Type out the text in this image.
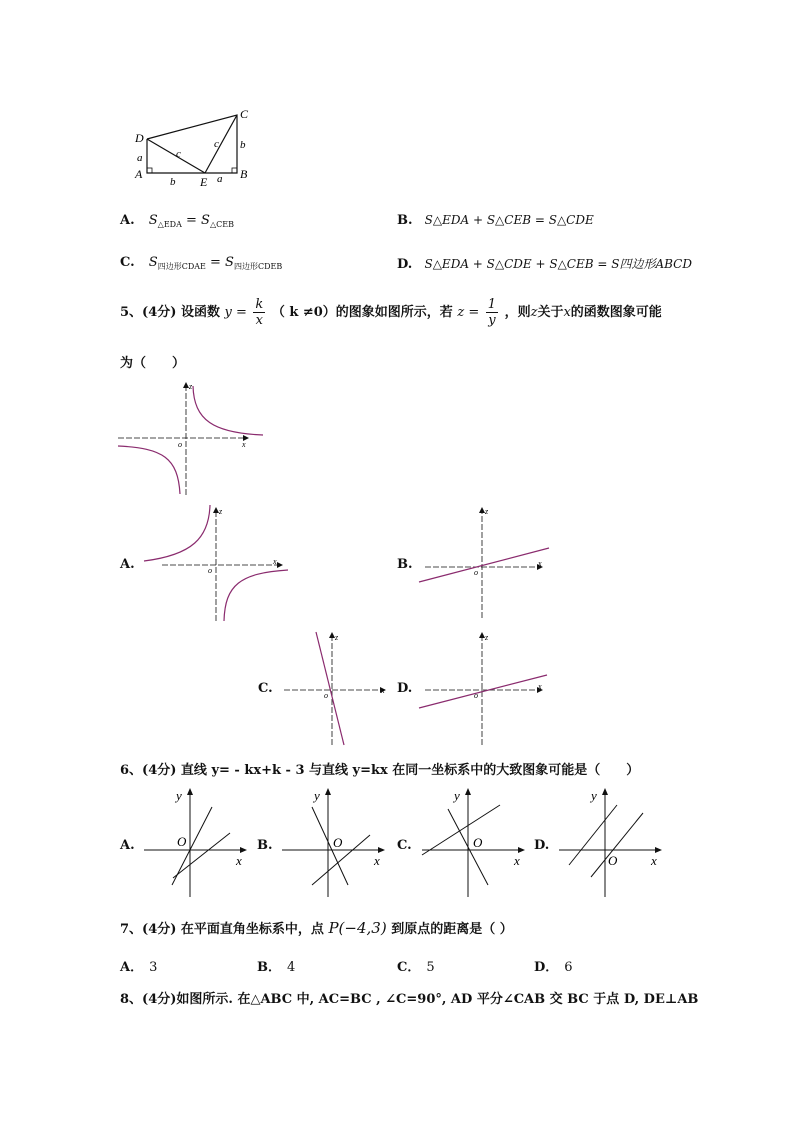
C
D
A	B
E
a
b
c
c
b	a
A. $S_{\triangle EDA} = S_{\triangle CEB}$	B. S△EDA + S△CEB = S△CDE
C. $S_{四边形CDAE} = S_{四边形CDEB}$	D. S△EDA + S△CDE + S△CEB = S四边形ABCD
5、(4分) 设函数 $y = \frac{k}{x}$ （ k ≠0）的图象如图所示，若 $z = \frac{1}{y}$ ，则z关于x的函数图象可能
为（　　）
x
z
o
A.	x
z
o	B.	x
z
o
C.	x
z
o	D.	x
z
o
6、(4分) 直线 y= - kx+k - 3 与直线 y=kx 在同一坐标系中的大致图象可能是（　　）
A.
y
x
O	B.
y
x
O	C.
y
x
O	D.
y
x
O
7、(4分) 在平面直角坐标系中，点 P(−4,3) 到原点的距离是（ ）
A． 3	B． 4	C． 5	D． 6
8、(4分)如图所示. 在△ABC 中, AC=BC , ∠C=90°, AD 平分∠CAB 交 BC 于点 D, DE⊥AB
